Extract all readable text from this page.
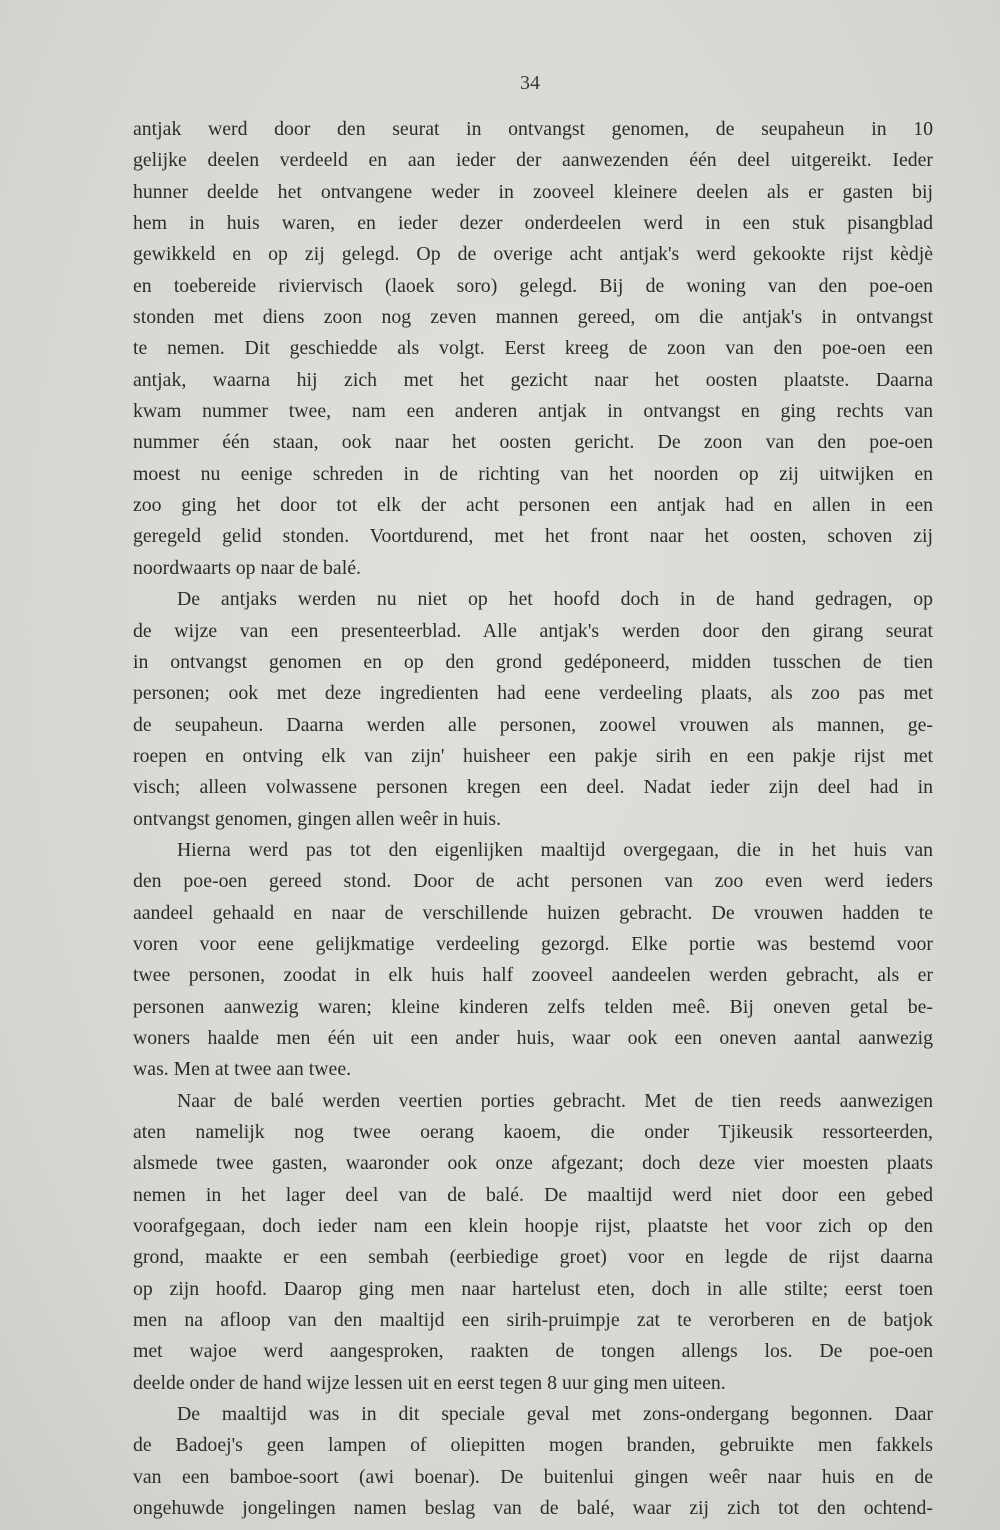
34
antjak werd door den seurat in ontvangst genomen, de seupaheun in 10
gelijke deelen verdeeld en aan ieder der aanwezenden één deel uitgereikt. Ieder
hunner deelde het ontvangene weder in zooveel kleinere deelen als er gasten bij
hem in huis waren, en ieder dezer onderdeelen werd in een stuk pisangblad
gewikkeld en op zij gelegd. Op de overige acht antjak's werd gekookte rijst kèdjè
en toebereide riviervisch (laoek soro) gelegd. Bij de woning van den poe-oen
stonden met diens zoon nog zeven mannen gereed, om die antjak's in ontvangst
te nemen. Dit geschiedde als volgt. Eerst kreeg de zoon van den poe-oen een
antjak, waarna hij zich met het gezicht naar het oosten plaatste. Daarna
kwam nummer twee, nam een anderen antjak in ontvangst en ging rechts van
nummer één staan, ook naar het oosten gericht. De zoon van den poe-oen
moest nu eenige schreden in de richting van het noorden op zij uitwijken en
zoo ging het door tot elk der acht personen een antjak had en allen in een
geregeld gelid stonden. Voortdurend, met het front naar het oosten, schoven zij
noordwaarts op naar de balé.
De antjaks werden nu niet op het hoofd doch in de hand gedragen, op
de wijze van een presenteerblad. Alle antjak's werden door den girang seurat
in ontvangst genomen en op den grond gedéponeerd, midden tusschen de tien
personen; ook met deze ingredienten had eene verdeeling plaats, als zoo pas met
de seupaheun. Daarna werden alle personen, zoowel vrouwen als mannen, ge-
roepen en ontving elk van zijn' huisheer een pakje sirih en een pakje rijst met
visch; alleen volwassene personen kregen een deel. Nadat ieder zijn deel had in
ontvangst genomen, gingen allen weêr in huis.
Hierna werd pas tot den eigenlijken maaltijd overgegaan, die in het huis van
den poe-oen gereed stond. Door de acht personen van zoo even werd ieders
aandeel gehaald en naar de verschillende huizen gebracht. De vrouwen hadden te
voren voor eene gelijkmatige verdeeling gezorgd. Elke portie was bestemd voor
twee personen, zoodat in elk huis half zooveel aandeelen werden gebracht, als er
personen aanwezig waren; kleine kinderen zelfs telden meê. Bij oneven getal be-
woners haalde men één uit een ander huis, waar ook een oneven aantal aanwezig
was. Men at twee aan twee.
Naar de balé werden veertien porties gebracht. Met de tien reeds aanwezigen
aten namelijk nog twee oerang kaoem, die onder Tjikeusik ressorteerden,
alsmede twee gasten, waaronder ook onze afgezant; doch deze vier moesten plaats
nemen in het lager deel van de balé. De maaltijd werd niet door een gebed
voorafgegaan, doch ieder nam een klein hoopje rijst, plaatste het voor zich op den
grond, maakte er een sembah (eerbiedige groet) voor en legde de rijst daarna
op zijn hoofd. Daarop ging men naar hartelust eten, doch in alle stilte; eerst toen
men na afloop van den maaltijd een sirih-pruimpje zat te verorberen en de batjok
met wajoe werd aangesproken, raakten de tongen allengs los. De poe-oen
deelde onder de hand wijze lessen uit en eerst tegen 8 uur ging men uiteen.
De maaltijd was in dit speciale geval met zons-ondergang begonnen. Daar
de Badoej's geen lampen of oliepitten mogen branden, gebruikte men fakkels
van een bamboe-soort (awi boenar). De buitenlui gingen weêr naar huis en de
ongehuwde jongelingen namen beslag van de balé, waar zij zich tot den ochtend-
